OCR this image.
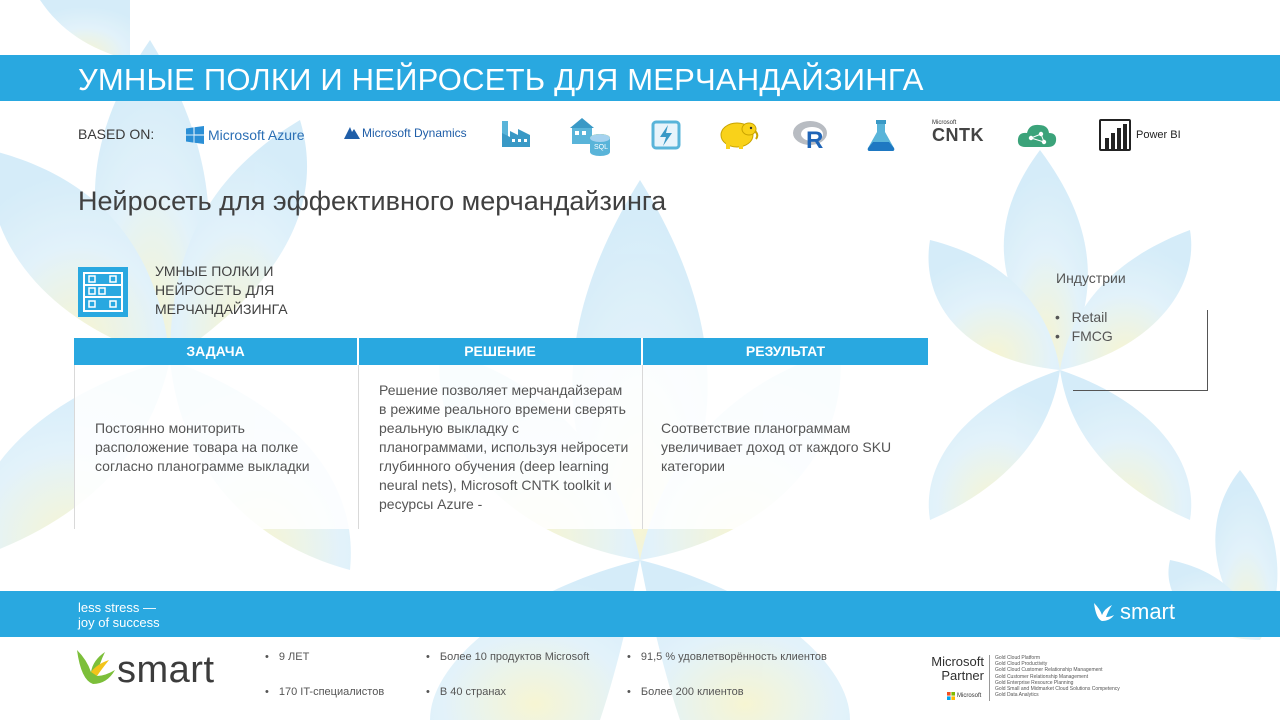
УМНЫЕ ПОЛКИ И НЕЙРОСЕТЬ ДЛЯ МЕРЧАНДАЙЗИНГА
BASED ON:	Microsoft Azure	Microsoft Dynamics
SQL	R
Microsoft
CNTK	Power BI
Нейросеть для эффективного мерчандайзинга
УМНЫЕ ПОЛКИ И
НЕЙРОСЕТЬ ДЛЯ
МЕРЧАНДАЙЗИНГА
ЗАДАЧА	РЕШЕНИЕ	РЕЗУЛЬТАТ
Постоянно мониторить расположение товара на полке согласно планограмме выкладки
Решение позволяет мерчандайзерам в режиме реального времени сверять реальную выкладку с планограммами, используя нейросети глубинного обучения (deep learning neural nets), Microsoft CNTK toolkit и ресурсы Azure -
Соответствие планограммам увеличивает доход от каждого SKU категории
Индустрии
•   Retail
•   FMCG
less stress —
joy of success	smart
smart
•	9 ЛЕТ
• 170 IT-специалистов
• Более 10 продуктов Microsoft
• В 40 странах
• 91,5 % удовлетворённость клиентов
• Более 200 клиентов
Microsoft
Partner
Gold Cloud Platform
Gold Cloud Productivity
Gold Cloud Customer Relationship Management
Gold Customer Relationship Management
Gold Enterprise Resource Planning
Gold Small and Midmarket Cloud Solutions Competency
Gold Data Analytics
Microsoft
